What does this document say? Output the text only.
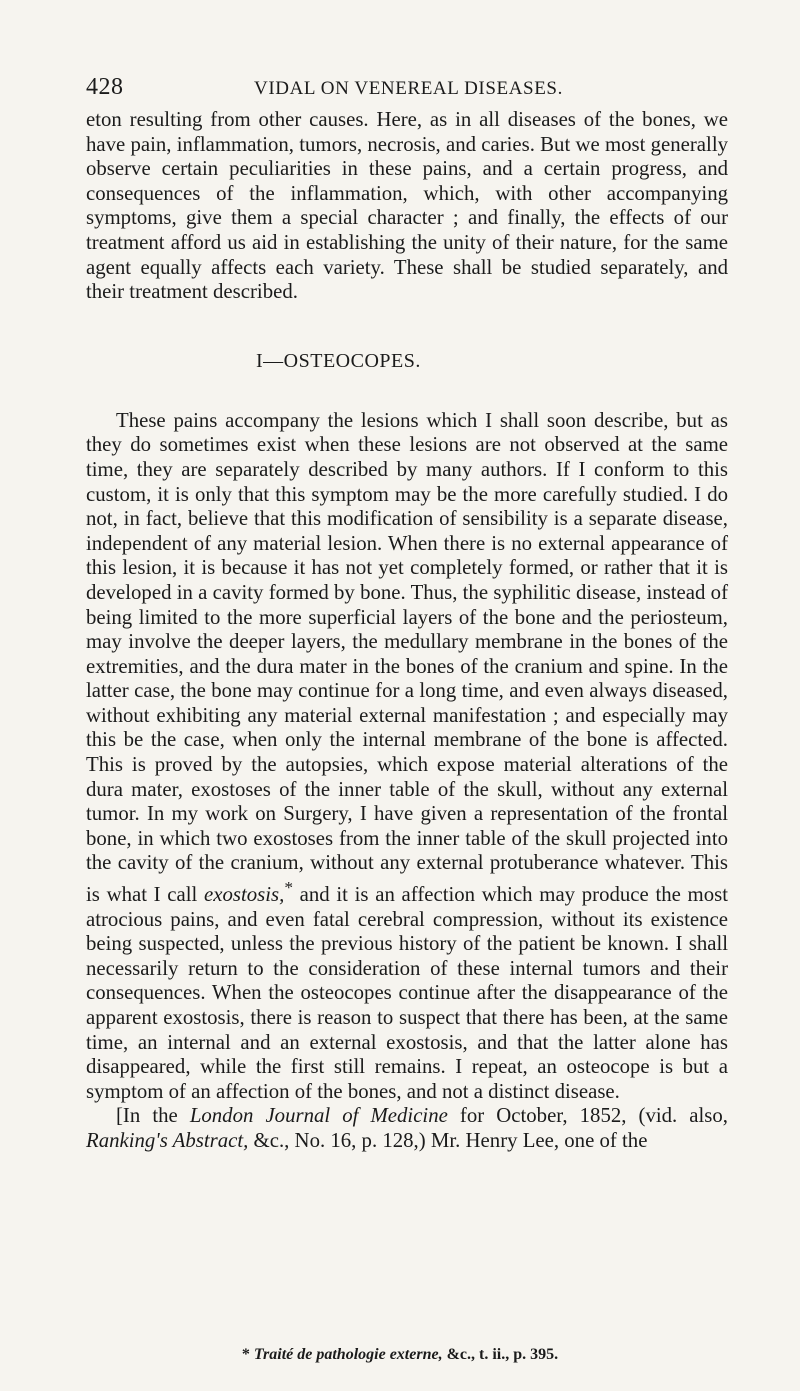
428	VIDAL ON VENEREAL DISEASES.

eton resulting from other causes. Here, as in all diseases of the bones, we have pain, inflammation, tumors, necrosis, and caries. But we most generally observe certain peculiarities in these pains, and a certain progress, and consequences of the inflammation, which, with other accompanying symptoms, give them a special character ; and finally, the effects of our treatment afford us aid in establishing the unity of their nature, for the same agent equally affects each variety. These shall be studied separately, and their treatment described.

I—OSTEOCOPES.

These pains accompany the lesions which I shall soon describe, but as they do sometimes exist when these lesions are not observed at the same time, they are separately described by many authors. If I conform to this custom, it is only that this symptom may be the more carefully studied. I do not, in fact, believe that this modification of sensibility is a separate disease, independent of any material lesion. When there is no external appearance of this lesion, it is because it has not yet completely formed, or rather that it is developed in a cavity formed by bone. Thus, the syphilitic disease, instead of being limited to the more superficial layers of the bone and the periosteum, may involve the deeper layers, the medullary membrane in the bones of the extremities, and the dura mater in the bones of the cranium and spine. In the latter case, the bone may continue for a long time, and even always diseased, without exhibiting any material external manifestation ; and especially may this be the case, when only the internal membrane of the bone is affected. This is proved by the autopsies, which expose material alterations of the dura mater, exostoses of the inner table of the skull, without any external tumor. In my work on Surgery, I have given a representation of the frontal bone, in which two exostoses from the inner table of the skull projected into the cavity of the cranium, without any external protuberance whatever. This is what I call exostosis,* and it is an affection which may produce the most atrocious pains, and even fatal cerebral compression, without its existence being suspected, unless the previous history of the patient be known. I shall necessarily return to the consideration of these internal tumors and their consequences. When the osteocopes continue after the disappearance of the apparent exostosis, there is reason to suspect that there has been, at the same time, an internal and an external exostosis, and that the latter alone has disappeared, while the first still remains. I repeat, an osteocope is but a symptom of an affection of the bones, and not a distinct disease.

[In the London Journal of Medicine for October, 1852, (vid. also, Ranking's Abstract, &c., No. 16, p. 128,) Mr. Henry Lee, one of the

* Traité de pathologie externe, &c., t. ii., p. 395.
